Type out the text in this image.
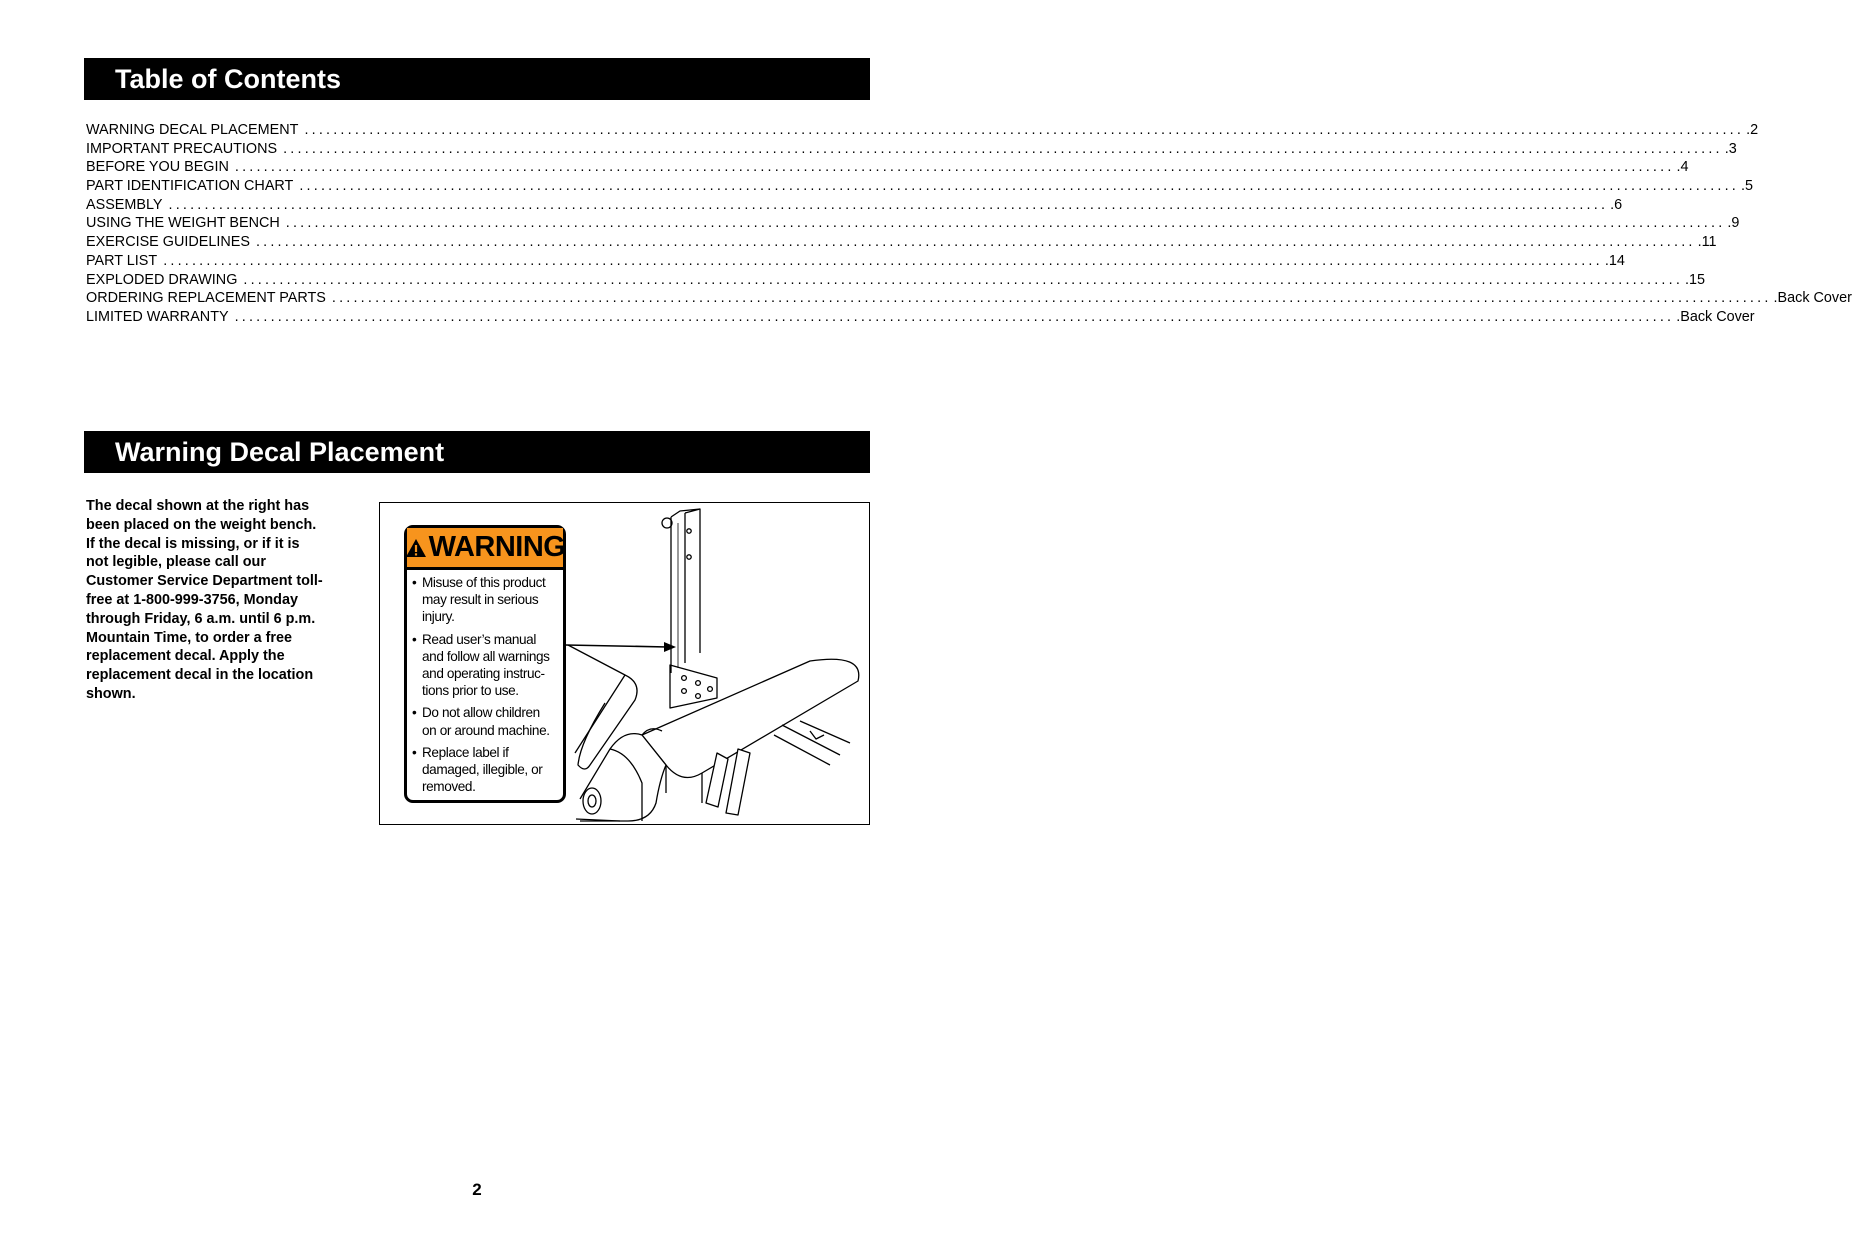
Table of Contents
WARNING DECAL PLACEMENT ........................................................................................................................................................................................................ .2
IMPORTANT PRECAUTIONS ........................................................................................................................................................................................................ .3
BEFORE YOU BEGIN ........................................................................................................................................................................................................ .4
PART IDENTIFICATION CHART ........................................................................................................................................................................................................ .5
ASSEMBLY ........................................................................................................................................................................................................ .6
USING THE WEIGHT BENCH ........................................................................................................................................................................................................ .9
EXERCISE GUIDELINES ........................................................................................................................................................................................................ .11
PART LIST ........................................................................................................................................................................................................ .14
EXPLODED DRAWING ........................................................................................................................................................................................................ .15
ORDERING REPLACEMENT PARTS ........................................................................................................................................................................................................ .Back Cover
LIMITED WARRANTY ........................................................................................................................................................................................................ .Back Cover
Warning Decal Placement
The decal shown at the right has
been placed on the weight bench.
If the decal is missing, or if it is
not legible, please call our
Customer Service Department toll-
free at 1-800-999-3756, Monday
through Friday, 6 a.m. until 6 p.m.
Mountain Time, to order a free
replacement decal. Apply the
replacement decal in the location
shown.
WARNING
• Misuse of this product
may result in serious
injury.
• Read user’s manual
and follow all warnings
and operating instruc-
tions prior to use.
• Do not allow children
on or around machine.
• Replace label if
damaged, illegible, or
removed.
2
